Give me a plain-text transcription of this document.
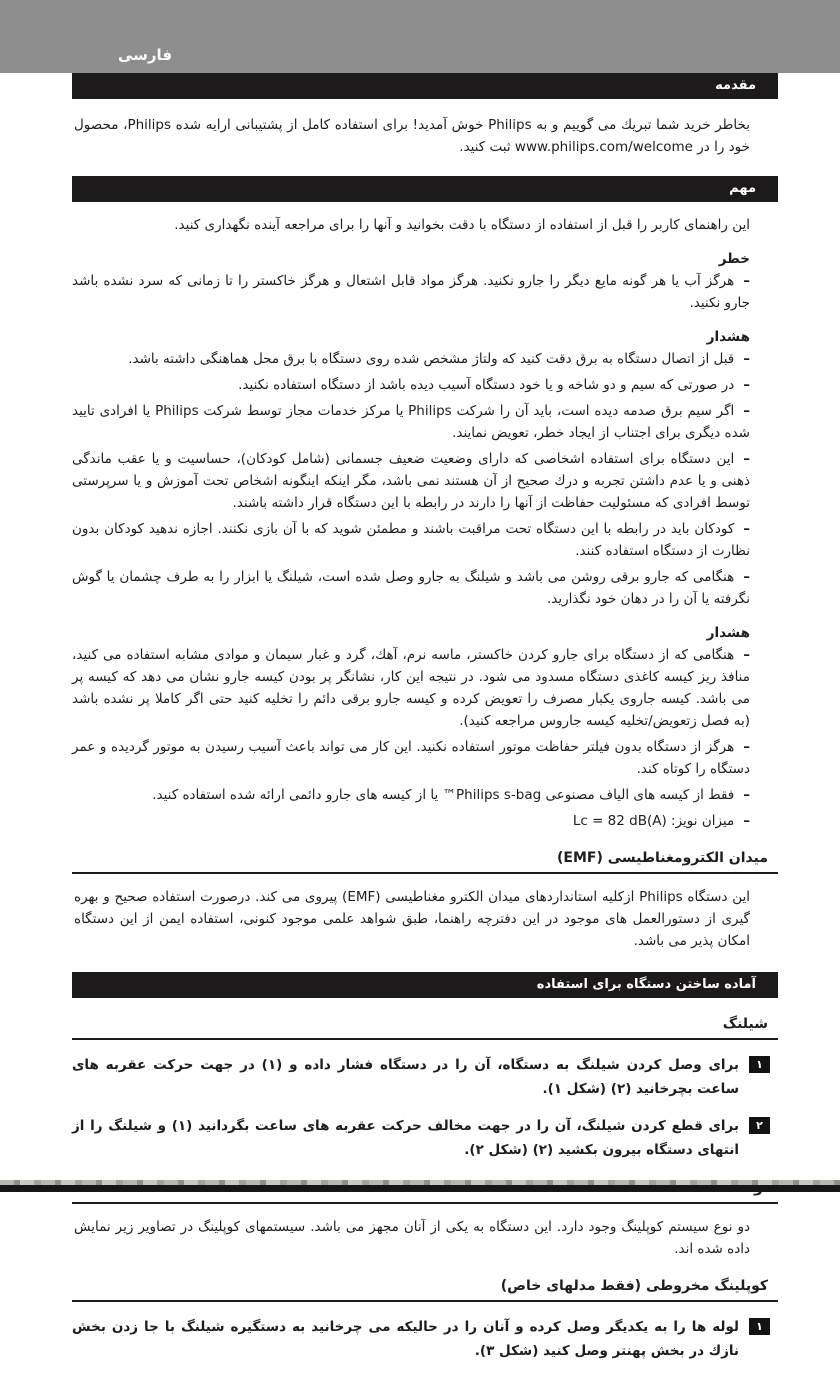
فارسی
مقدمه

بخاطر خرید شما تبریك می گوییم و به Philips خوش آمدید! برای استفاده کامل از پشتیبانی ارایه شده Philips، محصول خود را در www.philips.com/welcome ثبت کنید.

مهم

این راهنمای کاربر را قبل از استفاده از دستگاه با دقت بخوانید و آنها را برای مراجعه آینده نگهداری کنید.

خطر

–هرگز آب یا هر گونه مایع دیگر را جارو نکنید. هرگز مواد قابل اشتعال و هرگز خاکستر را تا زمانی که سرد نشده باشد جارو نکنید.

هشدار

–قبل از اتصال دستگاه به برق دقت کنید که ولتاژ مشخص شده روی دستگاه با برق محل هماهنگی داشته باشد.

–در صورتی که سیم و دو شاخه و یا خود دستگاه آسیب دیده باشد از دستگاه استفاده نکنید.

–اگر سیم برق صدمه دیده است، باید آن را شرکت Philips یا مرکز خدمات مجاز توسط شرکت Philips یا افرادی تایید شده دیگری برای اجتناب از ایجاد خطر، تعویض نمایند.

–این دستگاه برای استفاده اشخاصی که دارای وضعیت ضعیف جسمانی (شامل کودکان)، حساسیت و یا عقب ماندگی ذهنی و یا عدم داشتن تجربه و درك صحیح از آن هستند نمی باشد، مگر اینکه اینگونه اشخاص تحت آموزش و یا سرپرستی توسط افرادی که مسئولیت حفاظت از آنها را دارند در رابطه با این دستگاه قرار داشته باشند.

–کودکان باید در رابطه با این دستگاه تحت مراقبت باشند و مطمئن شوید که با آن بازی نکنند. اجازه ندهید کودکان بدون نظارت از دستگاه استفاده کنند.

–هنگامی که جارو برقی روشن می باشد و شیلنگ به جارو وصل شده است، شیلنگ یا ابزار را به طرف چشمان یا گوش نگرفته یا آن را در دهان خود نگذارید.

هشدار

–هنگامی که از دستگاه برای جارو کردن خاکستر، ماسه نرم، آهك، گرد و غبار سیمان و موادی مشابه استفاده می کنید، منافذ ریز کیسه کاغذی دستگاه مسدود می شود. در نتیجه این کار، نشانگر پر بودن کیسه جارو نشان می دهد که کیسه پر می باشد. کیسه جاروی یکبار مصرف را تعویض کرده و کیسه جارو برقی دائم را تخلیه کنید حتی اگر کاملا پر نشده باشد (به فصل زتعویض/تخلیه کیسه جاروس مراجعه کنید).

–هرگز از دستگاه بدون فیلتر حفاظت موتور استفاده نکنید. این کار می تواند باعث آسیب رسیدن به موتور گردیده و عمر دستگاه را کوتاه کند.

–فقط از کیسه های الیاف مصنوعی Philips s-bag™ یا از کیسه های جارو دائمی ارائه شده استفاده کنید.

–میزان نویز: Lc = 82 dB(A)

میدان الکترومغناطیسی (EMF)

این دستگاه Philips ازکلیه استانداردهای میدان الکترو مغناطیسی (EMF) پیروی می کند. درصورت استفاده صحیح و بهره گیری از دستورالعمل های موجود در این دفترچه راهنما، طبق شواهد علمی موجود کنونی، استفاده ایمن از این دستگاه امکان پذیر می باشد.

آماده ساختن دستگاه برای استفاده
شیلنگ
۱

برای وصل کردن شیلنگ به دستگاه، آن را در دستگاه فشار داده و (۱) در جهت حرکت عقربه های ساعت بچرخانید (۲) (شکل ۱).

۲

برای قطع کردن شیلنگ، آن را در جهت مخالف حرکت عقربه های ساعت بگردانید (۱) و شیلنگ را از انتهای دستگاه بیرون بکشید (۲) (شکل ۲).

دو نوع سیستم کوپلینگ وجود دارد. این دستگاه به یکی از آنان مجهز می باشد. سیستمهای کوپلینگ در تصاویر زیر نمایش داده شده اند.

کوپلینگ مخروطی (فقط مدلهای خاص)
۱

لوله ها را به یکدیگر وصل کرده و آنان را در حالیکه می چرخانید به دستگیره شیلنگ با جا زدن بخش نازك در بخش پهنتر وصل کنید (شکل ۳).
